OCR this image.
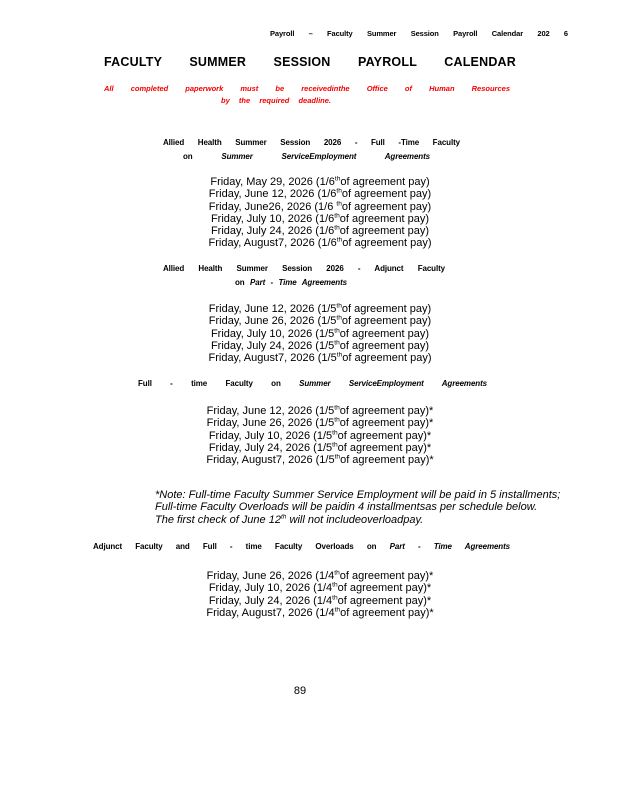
Payroll – Faculty Summer Session Payroll Calendar 202 6
FACULTY SUMMER SESSION PAYROLL CALENDAR
All completed paperwork must be receivedinthe Office of Human Resources
by the required deadline.
Allied Health Summer Session 2026 - Full -Time Faculty
on	Summer ServiceEmployment Agreements
Friday, May 29, 2026 (1/6thof agreement pay)
Friday, June 12, 2026 (1/6thof agreement pay)
Friday, June26, 2026 (1/6 $^{th}$of agreement pay)
Friday, July 10, 2026 (1/6thof agreement pay)
Friday, July 24, 2026 (1/6thof agreement pay)
Friday, August7, 2026 (1/6thof agreement pay)
Allied Health Summer Session 2026 - Adjunct Faculty
on Part - Time Agreements
Friday, June 12, 2026 (1/5thof agreement pay)
Friday, June 26, 2026 (1/5thof agreement pay)
Friday, July 10, 2026 (1/5thof agreement pay)
Friday, July 24, 2026 (1/5thof agreement pay)
Friday, August7, 2026 (1/5thof agreement pay)
Full - time Faculty on Summer ServiceEmployment Agreements
Friday, June 12, 2026 (1/5thof agreement pay)*
Friday, June 26, 2026 (1/5thof agreement pay)*
Friday, July 10, 2026 (1/5thof agreement pay)*
Friday, July 24, 2026 (1/5thof agreement pay)*
Friday, August7, 2026 (1/5thof agreement pay)*
*Note: Full-time Faculty Summer Service Employment will be paid in 5 installments;
Full-time Faculty Overloads will be paidin 4 installmentsas per schedule below.
The first check of June 12th will not includeoverloadpay.
Adjunct Faculty and Full - time Faculty Overloads on Part - Time Agreements
Friday, June 26, 2026 (1/4thof agreement pay)*
Friday, July 10, 2026 (1/4thof agreement pay)*
Friday, July 24, 2026 (1/4thof agreement pay)*
Friday, August7, 2026 (1/4thof agreement pay)*
89
